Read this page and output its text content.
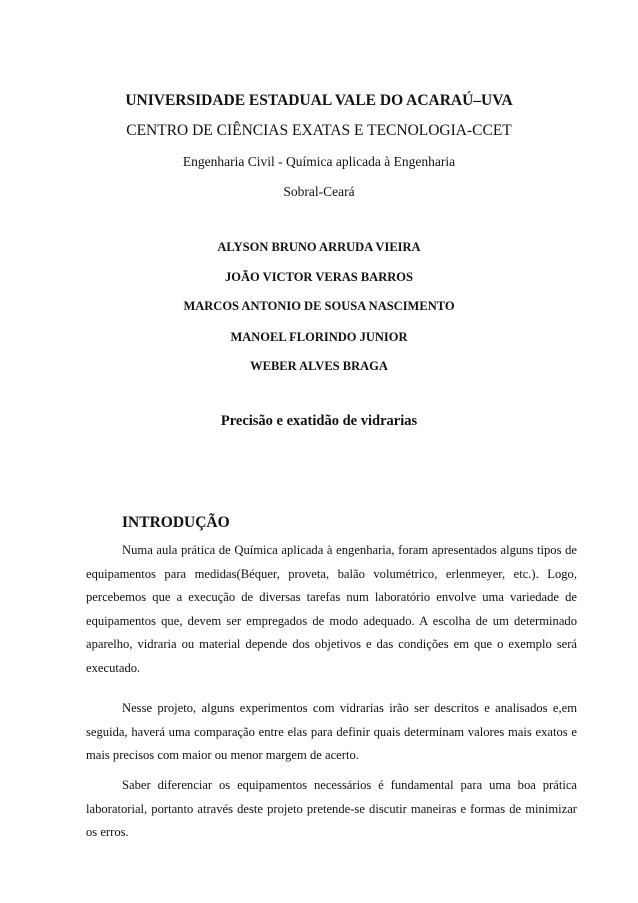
UNIVERSIDADE ESTADUAL VALE DO ACARAÚ–UVA
CENTRO DE CIÊNCIAS EXATAS E TECNOLOGIA-CCET
Engenharia Civil - Química aplicada à Engenharia
Sobral-Ceará
ALYSON BRUNO ARRUDA VIEIRA
JOÃO VICTOR VERAS BARROS
MARCOS ANTONIO DE SOUSA NASCIMENTO
MANOEL FLORINDO JUNIOR
WEBER ALVES BRAGA
Precisão e exatidão de vidrarias
INTRODUÇÃO

Numa aula prática de Química aplicada à engenharia, foram apresentados alguns tipos de equipamentos para medidas(Béquer, proveta, balão volumétrico, erlenmeyer, etc.). Logo, percebemos que a execução de diversas tarefas num laboratório envolve uma variedade de equipamentos que, devem ser empregados de modo adequado. A escolha de um determinado aparelho, vidraria ou material depende dos objetivos e das condições em que o exemplo será executado.

Nesse projeto, alguns experimentos com vidrarias irão ser descritos e analisados e,em seguida, haverá uma comparação entre elas para definir quais determinam valores mais exatos e mais precisos com maior ou menor margem de acerto.

Saber diferenciar os equipamentos necessários é fundamental para uma boa prática laboratorial, portanto através deste projeto pretende-se discutir maneiras e formas de minimizar os erros.
